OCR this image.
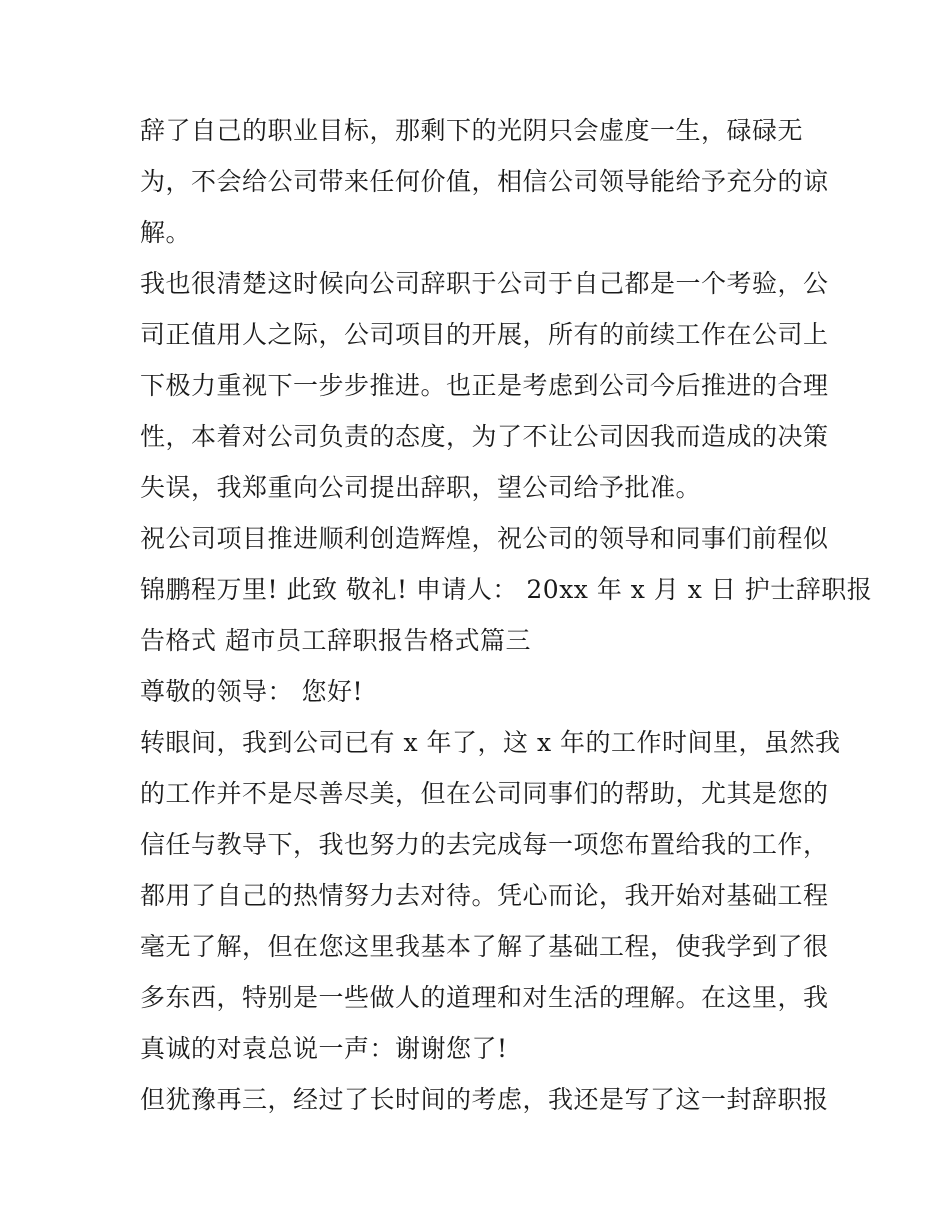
辞了自己的职业目标，那剩下的光阴只会虚度一生，碌碌无
为，不会给公司带来任何价值，相信公司领导能给予充分的谅
解。
我也很清楚这时候向公司辞职于公司于自己都是一个考验，公
司正值用人之际，公司项目的开展，所有的前续工作在公司上
下极力重视下一步步推进。也正是考虑到公司今后推进的合理
性，本着对公司负责的态度，为了不让公司因我而造成的决策
失误，我郑重向公司提出辞职，望公司给予批准。
祝公司项目推进顺利创造辉煌，祝公司的领导和同事们前程似
锦鹏程万里! 此致 敬礼! 申请人： 20xx 年 x 月 x 日 护士辞职报
告格式 超市员工辞职报告格式篇三
尊敬的领导： 您好!
转眼间，我到公司已有 x 年了，这 x 年的工作时间里，虽然我
的工作并不是尽善尽美，但在公司同事们的帮助，尤其是您的
信任与教导下，我也努力的去完成每一项您布置给我的工作，
都用了自己的热情努力去对待。凭心而论，我开始对基础工程
毫无了解，但在您这里我基本了解了基础工程，使我学到了很
多东西，特别是一些做人的道理和对生活的理解。在这里，我
真诚的对袁总说一声：谢谢您了!
但犹豫再三，经过了长时间的考虑，我还是写了这一封辞职报
